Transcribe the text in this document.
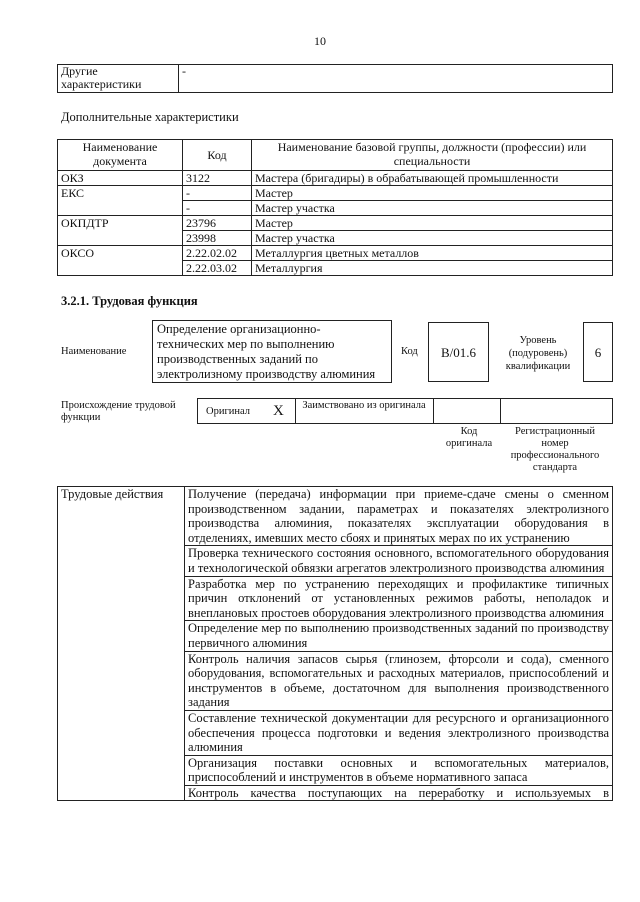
10
Другие характеристики	-
Дополнительные характеристики
Наименование документа	Код	Наименование базовой группы, должности (профессии) или специальности
ОКЗ	3122	Мастера (бригадиры) в обрабатывающей промышленности
ЕКС	-	Мастер
	-	Мастер участка
ОКПДТР	23796	Мастер
	23998	Мастер участка
ОКСО	2.22.02.02	Металлургия цветных металлов
	2.22.03.02	Металлургия
3.2.1. Трудовая функция
Наименование
Определение организационно-технических мер по выполнению производственных заданий по электролизному производству алюминия
Код	B/01.6
Уровень (подуровень) квалификации
6
Происхождение трудовой функции
Оригинал X	Заимствовано из оригинала
Код оригинала
Регистрационный номер профессионального стандарта
Трудовые действия	Получение (передача) информации при приеме-сдаче смены о сменном производственном задании, параметрах и показателях электролизного производства алюминия, показателях эксплуатации оборудования в отделениях, имевших место сбоях и принятых мерах по их устранению
Проверка технического состояния основного, вспомогательного оборудования и технологической обвязки агрегатов электролизного производства алюминия
Разработка мер по устранению переходящих и профилактике типичных причин отклонений от установленных режимов работы, неполадок и внеплановых простоев оборудования электролизного производства алюминия
Определение мер по выполнению производственных заданий по производству первичного алюминия
Контроль наличия запасов сырья (глинозем, фторсоли и сода), сменного оборудования, вспомогательных и расходных материалов, приспособлений и инструментов в объеме, достаточном для выполнения производственного задания
Составление технической документации для ресурсного и организационного обеспечения процесса подготовки и ведения электролизного производства алюминия
Организация поставки основных и вспомогательных материалов, приспособлений и инструментов в объеме нормативного запаса
Контроль качества поступающих на переработку и используемых в
